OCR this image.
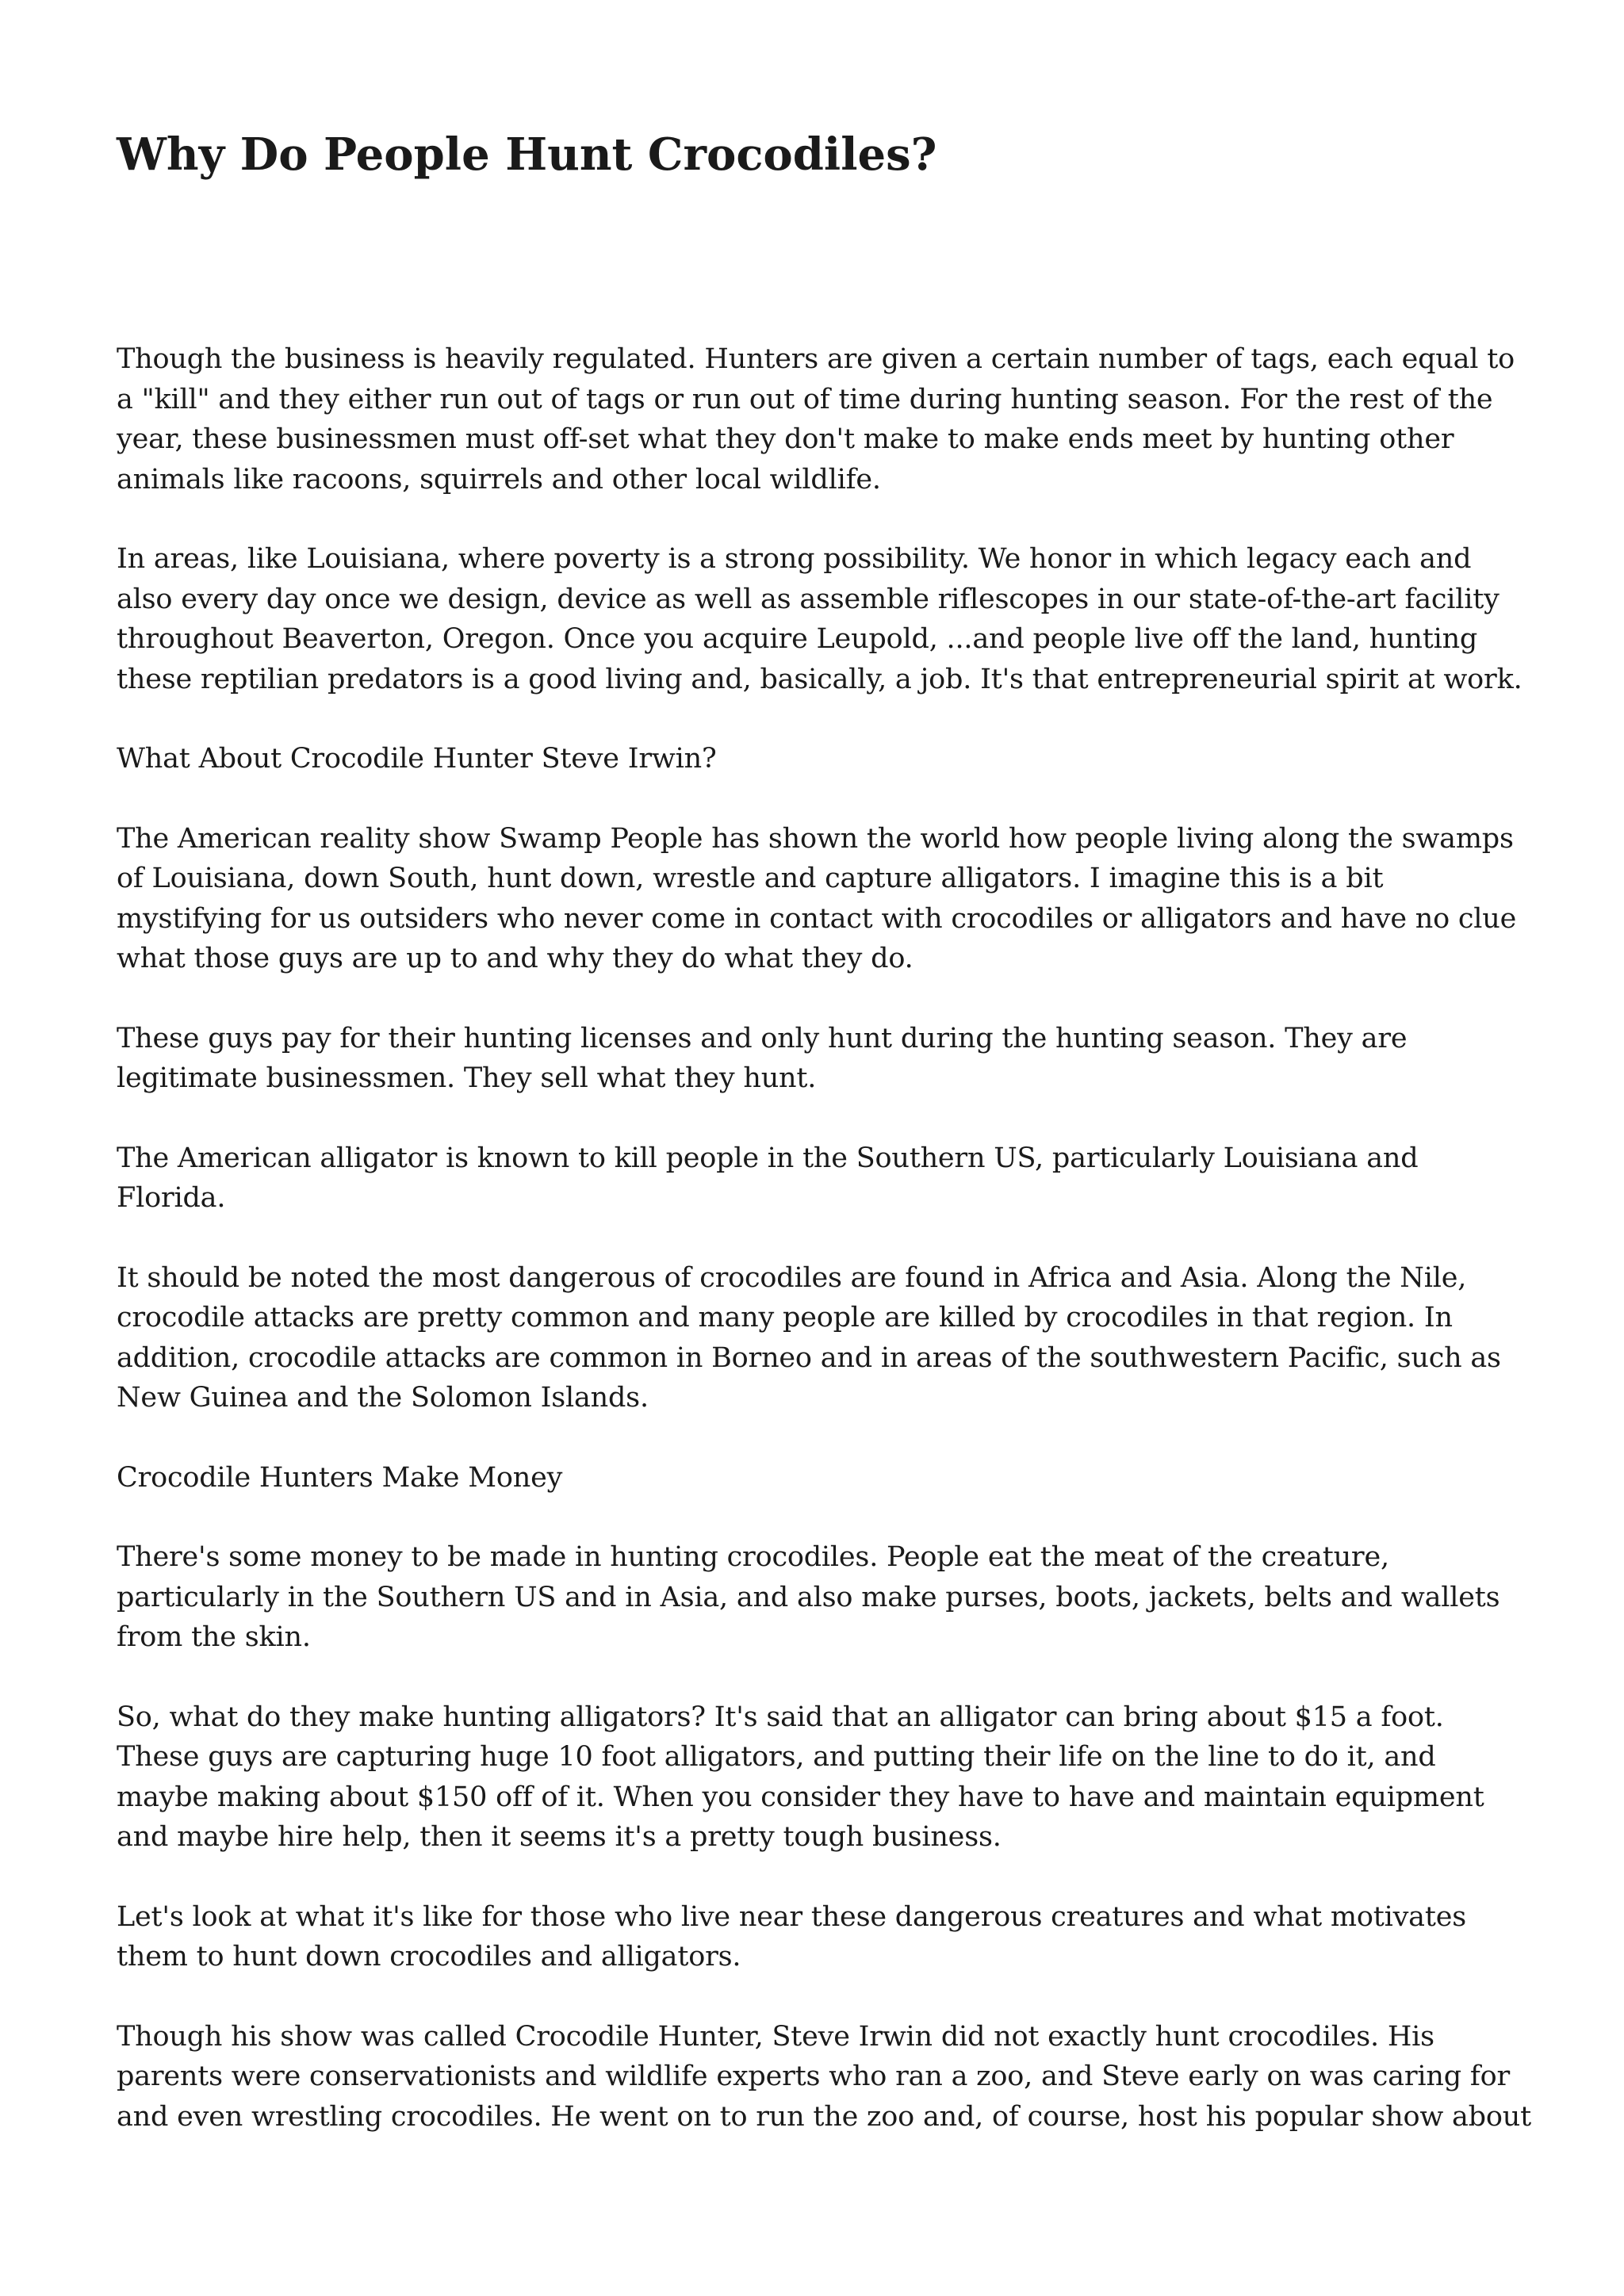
Why Do People Hunt Crocodiles?

Though the business is heavily regulated. Hunters are given a certain number of tags, each equal to
a "kill" and they either run out of tags or run out of time during hunting season. For the rest of the
year, these businessmen must off-set what they don't make to make ends meet by hunting other
animals like racoons, squirrels and other local wildlife.

In areas, like Louisiana, where poverty is a strong possibility. We honor in which legacy each and
also every day once we design, device as well as assemble riflescopes in our state-of-the-art facility
throughout Beaverton, Oregon. Once you acquire Leupold, ...and people live off the land, hunting
these reptilian predators is a good living and, basically, a job. It's that entrepreneurial spirit at work.

What About Crocodile Hunter Steve Irwin?

The American reality show Swamp People has shown the world how people living along the swamps
of Louisiana, down South, hunt down, wrestle and capture alligators. I imagine this is a bit
mystifying for us outsiders who never come in contact with crocodiles or alligators and have no clue
what those guys are up to and why they do what they do.

These guys pay for their hunting licenses and only hunt during the hunting season. They are
legitimate businessmen. They sell what they hunt.

The American alligator is known to kill people in the Southern US, particularly Louisiana and
Florida.

It should be noted the most dangerous of crocodiles are found in Africa and Asia. Along the Nile,
crocodile attacks are pretty common and many people are killed by crocodiles in that region. In
addition, crocodile attacks are common in Borneo and in areas of the southwestern Pacific, such as
New Guinea and the Solomon Islands.

Crocodile Hunters Make Money

There's some money to be made in hunting crocodiles. People eat the meat of the creature,
particularly in the Southern US and in Asia, and also make purses, boots, jackets, belts and wallets
from the skin.

So, what do they make hunting alligators? It's said that an alligator can bring about $15 a foot.
These guys are capturing huge 10 foot alligators, and putting their life on the line to do it, and
maybe making about $150 off of it. When you consider they have to have and maintain equipment
and maybe hire help, then it seems it's a pretty tough business.

Let's look at what it's like for those who live near these dangerous creatures and what motivates
them to hunt down crocodiles and alligators.

Though his show was called Crocodile Hunter, Steve Irwin did not exactly hunt crocodiles. His
parents were conservationists and wildlife experts who ran a zoo, and Steve early on was caring for
and even wrestling crocodiles. He went on to run the zoo and, of course, host his popular show about
